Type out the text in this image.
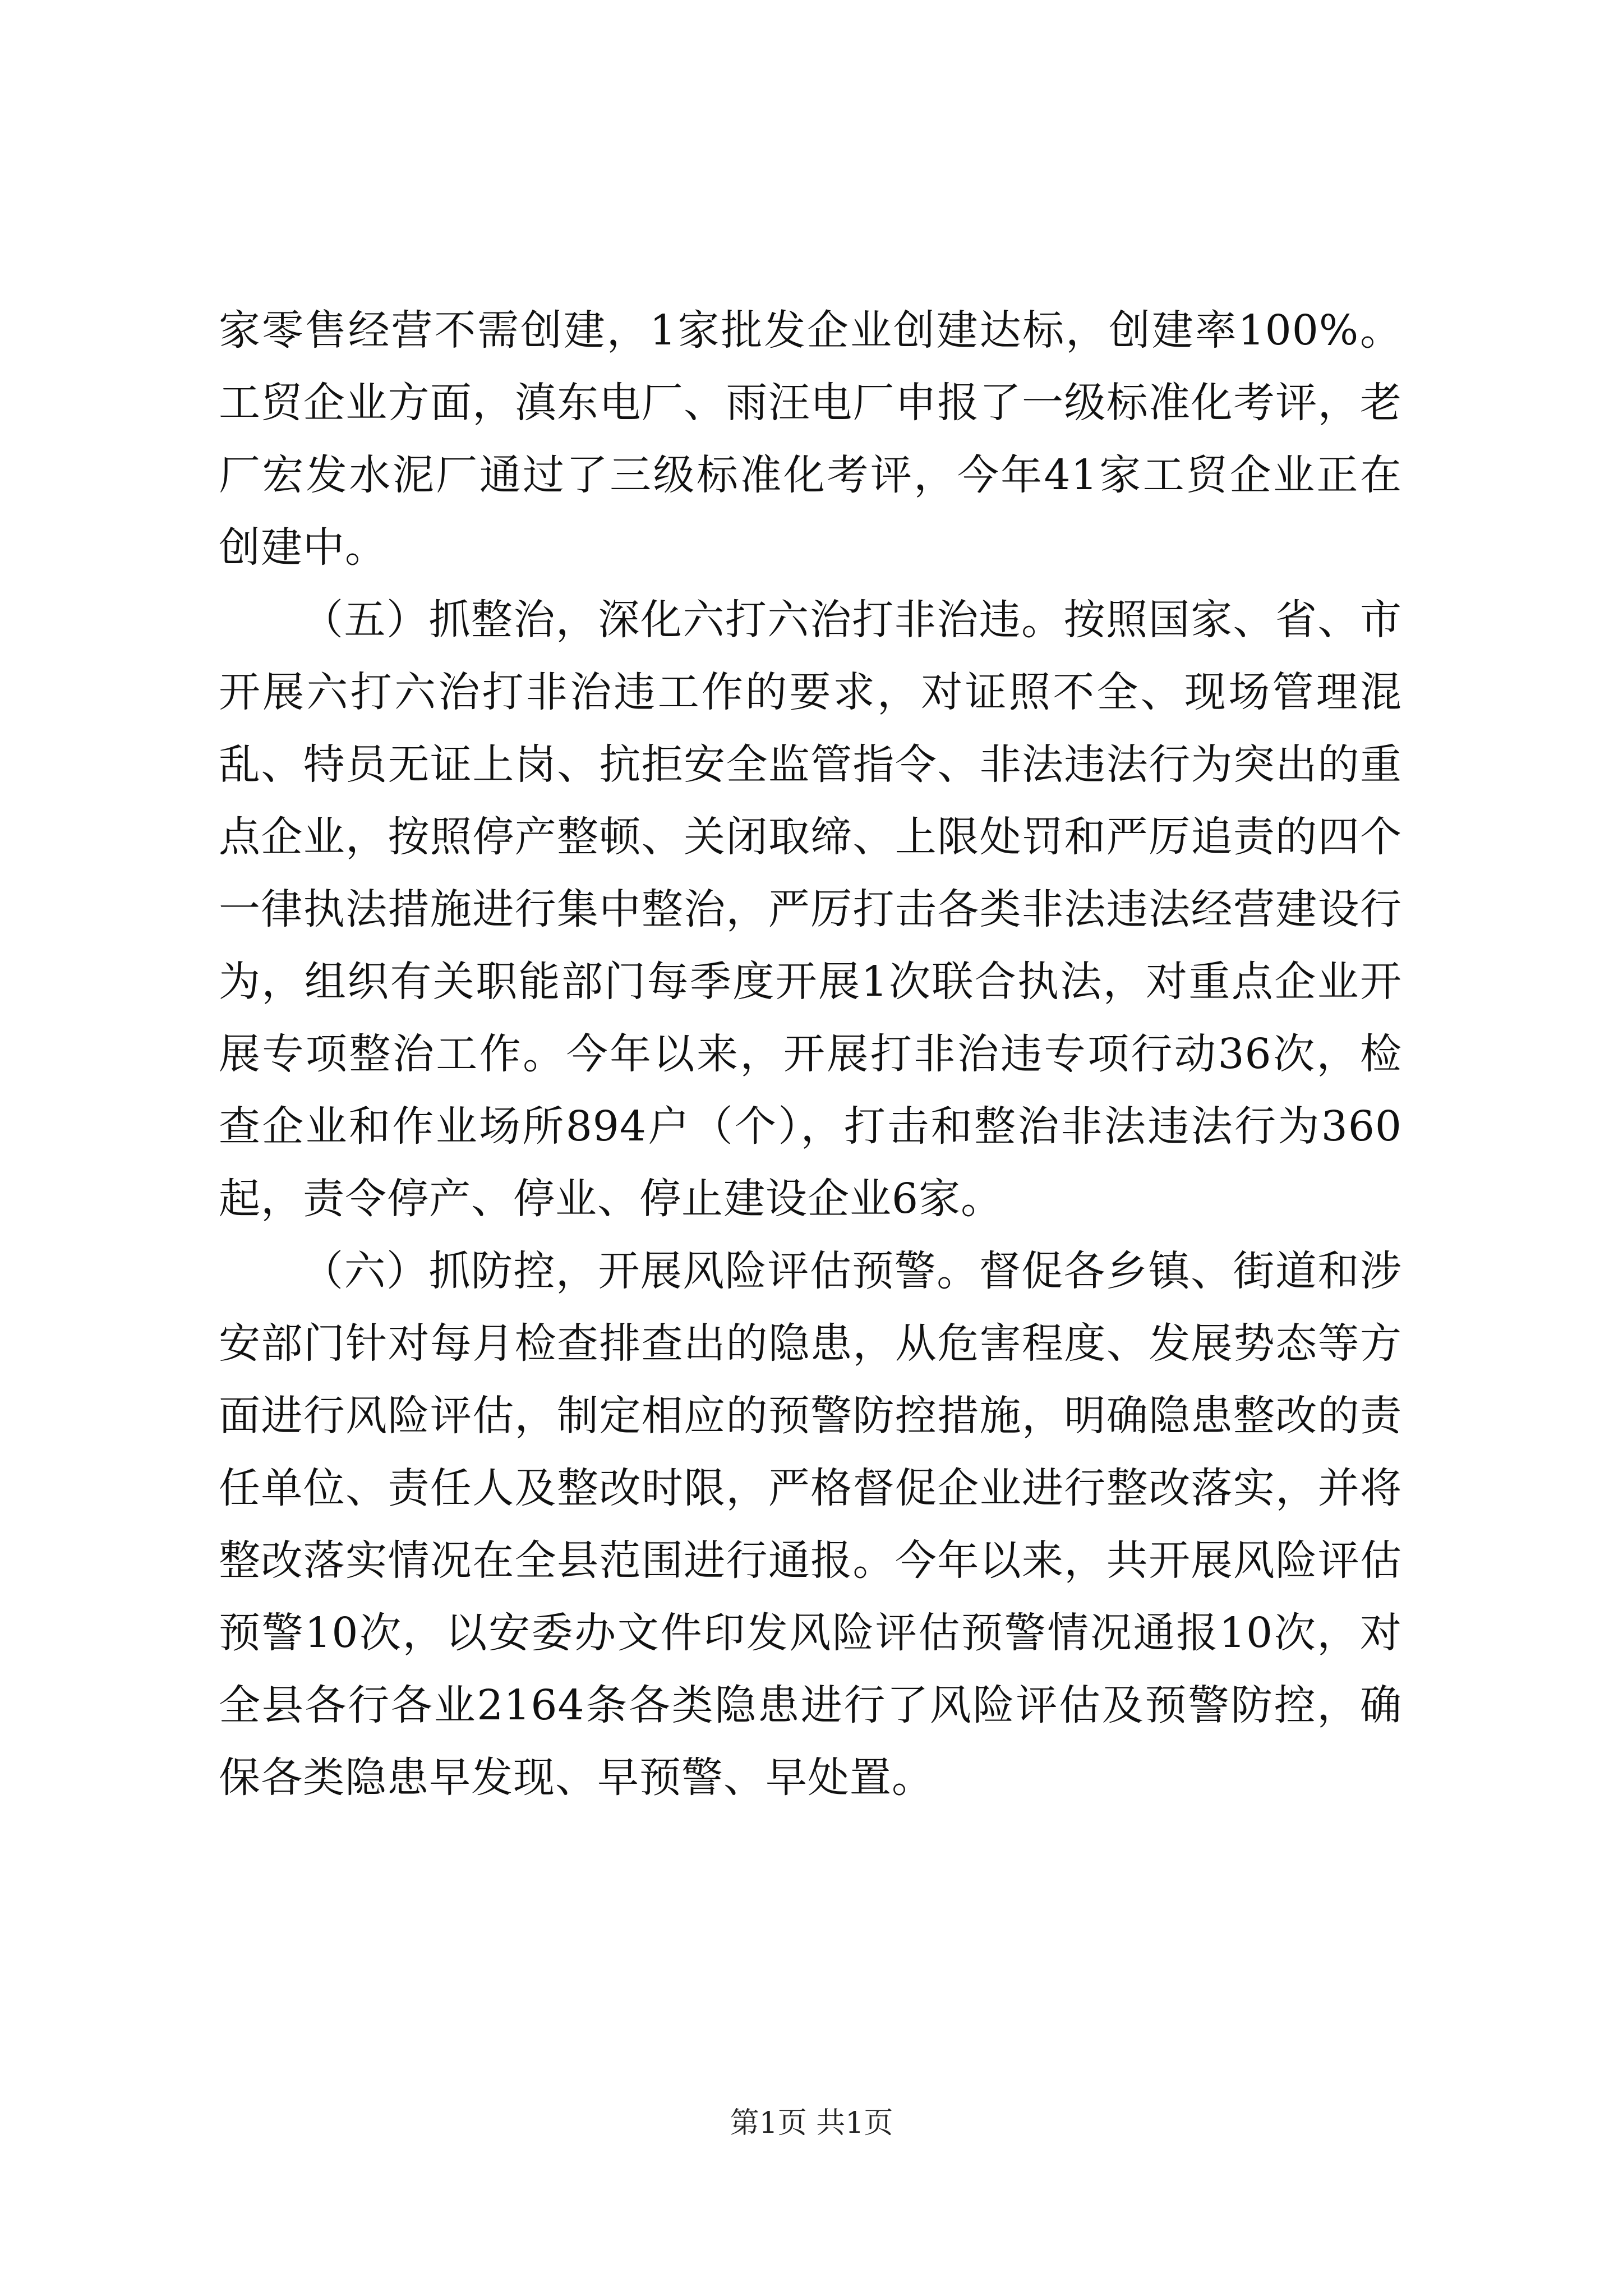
家零售经营不需创建，1家批发企业创建达标，创建率100%。工贸企业方面，滇东电厂、雨汪电厂申报了一级标准化考评，老厂宏发水泥厂通过了三级标准化考评，今年41家工贸企业正在创建中。

（五）抓整治，深化六打六治打非治违。按照国家、省、市开展六打六治打非治违工作的要求，对证照不全、现场管理混乱、特员无证上岗、抗拒安全监管指令、非法违法行为突出的重点企业，按照停产整顿、关闭取缔、上限处罚和严厉追责的四个一律执法措施进行集中整治，严厉打击各类非法违法经营建设行为，组织有关职能部门每季度开展1次联合执法，对重点企业开展专项整治工作。今年以来，开展打非治违专项行动36次，检查企业和作业场所894户（个），打击和整治非法违法行为360起，责令停产、停业、停止建设企业6家。

（六）抓防控，开展风险评估预警。督促各乡镇、街道和涉安部门针对每月检查排查出的隐患，从危害程度、发展势态等方面进行风险评估，制定相应的预警防控措施，明确隐患整改的责任单位、责任人及整改时限，严格督促企业进行整改落实，并将整改落实情况在全县范围进行通报。今年以来，共开展风险评估预警10次，以安委办文件印发风险评估预警情况通报10次，对全县各行各业2164条各类隐患进行了风险评估及预警防控，确保各类隐患早发现、早预警、早处置。

第1页 共1页
